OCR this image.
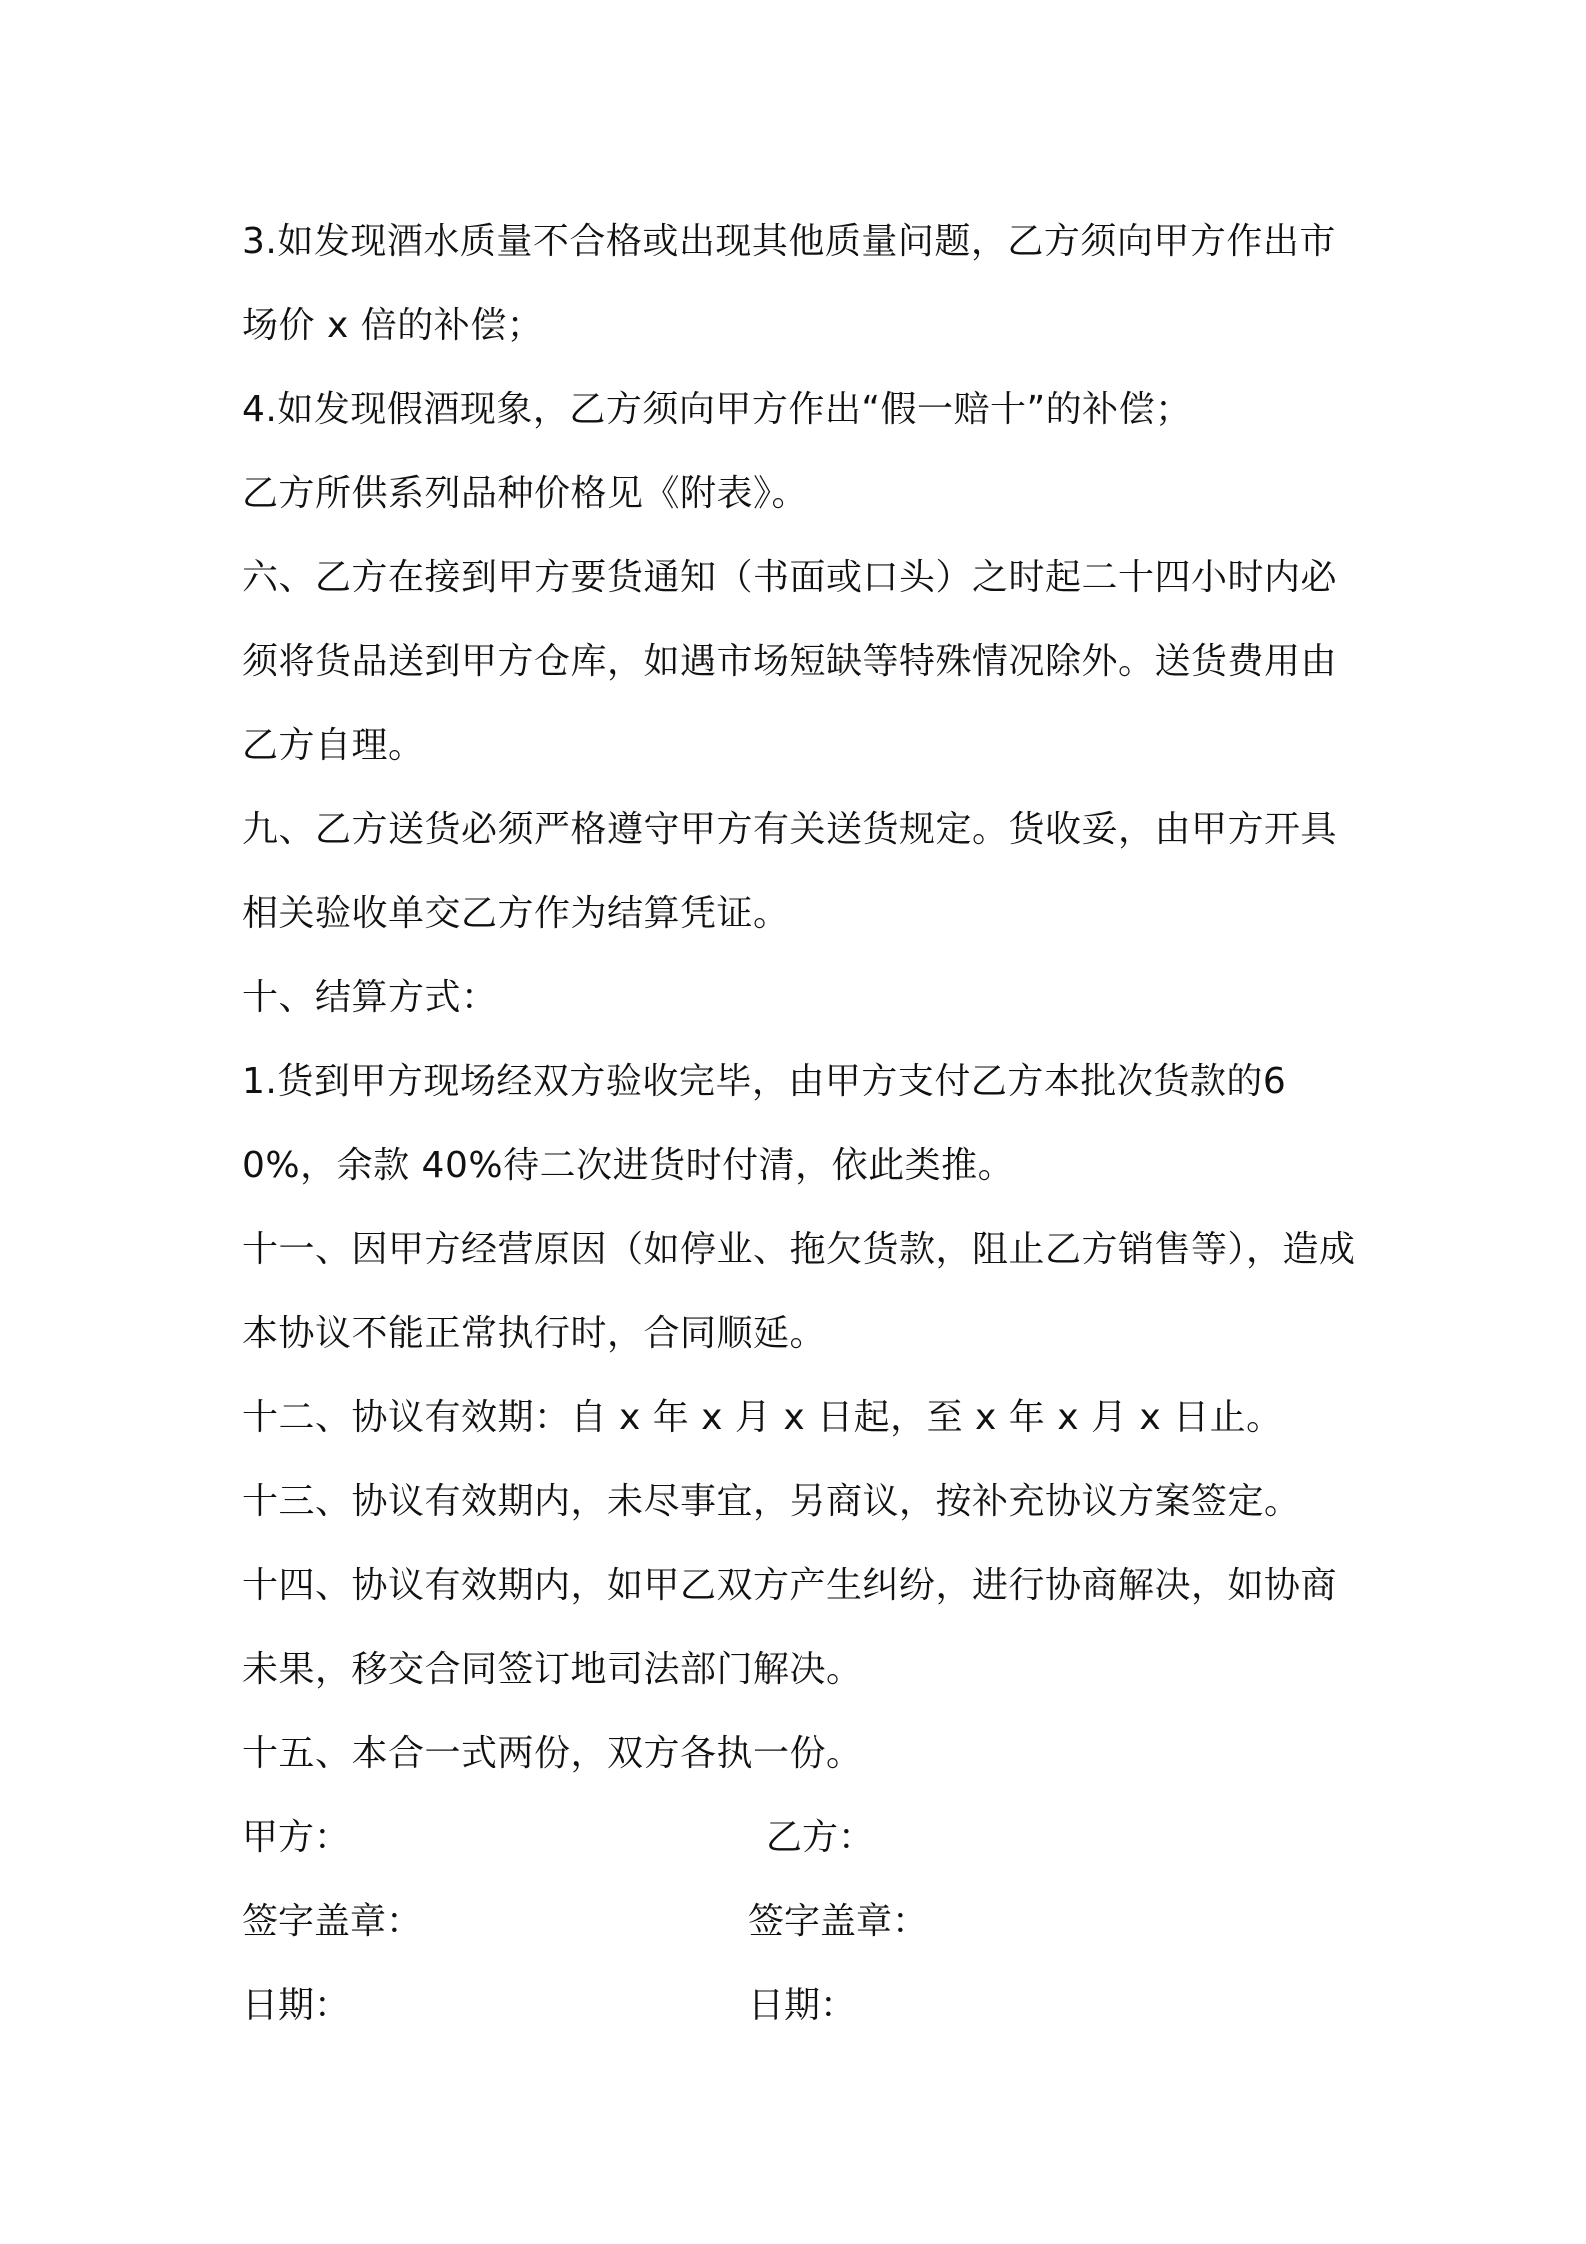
3.如发现酒水质量不合格或出现其他质量问题，乙方须向甲方作出市场价 x 倍的补偿；

4.如发现假酒现象，乙方须向甲方作出“假一赔十”的补偿；

乙方所供系列品种价格见《附表》。

六、乙方在接到甲方要货通知（书面或口头）之时起二十四小时内必须将货品送到甲方仓库，如遇市场短缺等特殊情况除外。送货费用由乙方自理。

九、乙方送货必须严格遵守甲方有关送货规定。货收妥，由甲方开具相关验收单交乙方作为结算凭证。

十、结算方式：

1.货到甲方现场经双方验收完毕，由甲方支付乙方本批次货款的60%，余款 40%待二次进货时付清，依此类推。

十一、因甲方经营原因（如停业、拖欠货款，阻止乙方销售等），造成本协议不能正常执行时，合同顺延。

十二、协议有效期：自 x 年 x 月 x 日起，至 x 年 x 月 x 日止。

十三、协议有效期内，未尽事宜，另商议，按补充协议方案签定。

十四、协议有效期内，如甲乙双方产生纠纷，进行协商解决，如协商未果，移交合同签订地司法部门解决。

十五、本合一式两份，双方各执一份。

甲方：	乙方：
签字盖章：	签字盖章：
日期：	日期：
